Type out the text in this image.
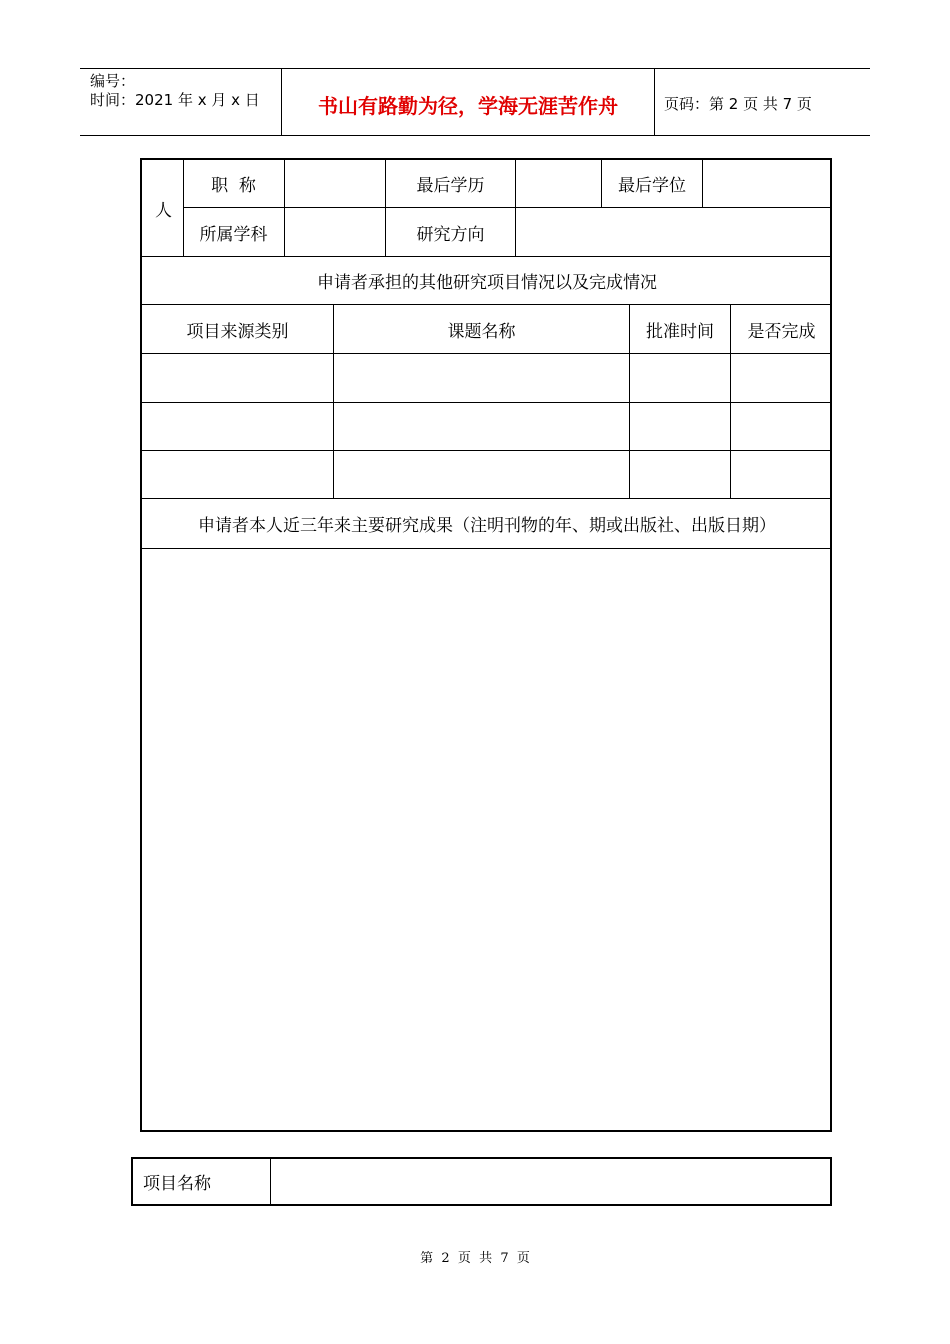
编号：
时间：2021 年 x 月 x 日	书山有路勤为径，学海无涯苦作舟	页码：第 2 页 共 7 页
人
职  称	最后学历	最后学位
所属学科	研究方向
申请者承担的其他研究项目情况以及完成情况
项目来源类别	课题名称	批准时间	是否完成
申请者本人近三年来主要研究成果（注明刊物的年、期或出版社、出版日期）
项目名称
第  2  页  共  7  页
